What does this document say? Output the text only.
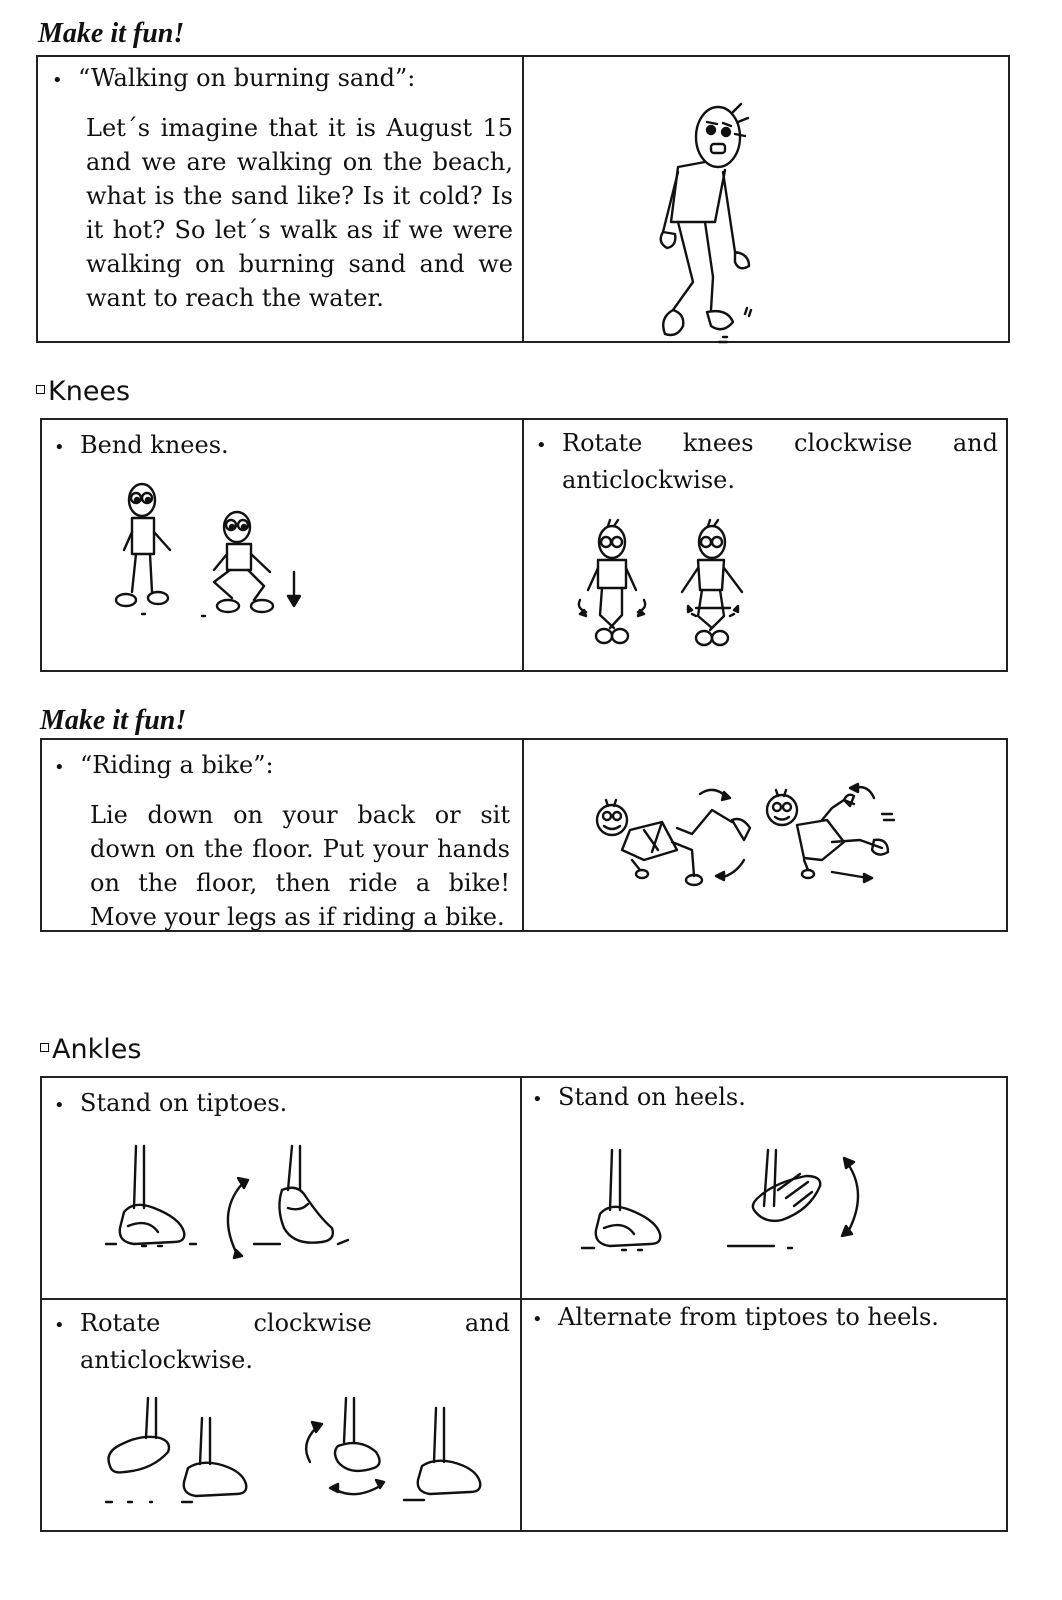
Make it fun!
• “Walking on burning sand”:
Let´s imagine that it is August 15 and we are walking on the beach, what is the sand like? Is it cold? Is it hot? So let´s walk as if we were walking on burning sand and we want to reach the water.
Knees
• Bend knees.	• Rotate knees clockwise and
anticlockwise.
Make it fun!
• “Riding a bike”:
Lie down on your back or sit down on the floor. Put your hands on the floor, then ride a bike! Move your legs as if riding a bike.
Ankles
• Stand on tiptoes.	• Stand on heels.
• Rotate clockwise and
anticlockwise.
• Alternate from tiptoes to heels.
